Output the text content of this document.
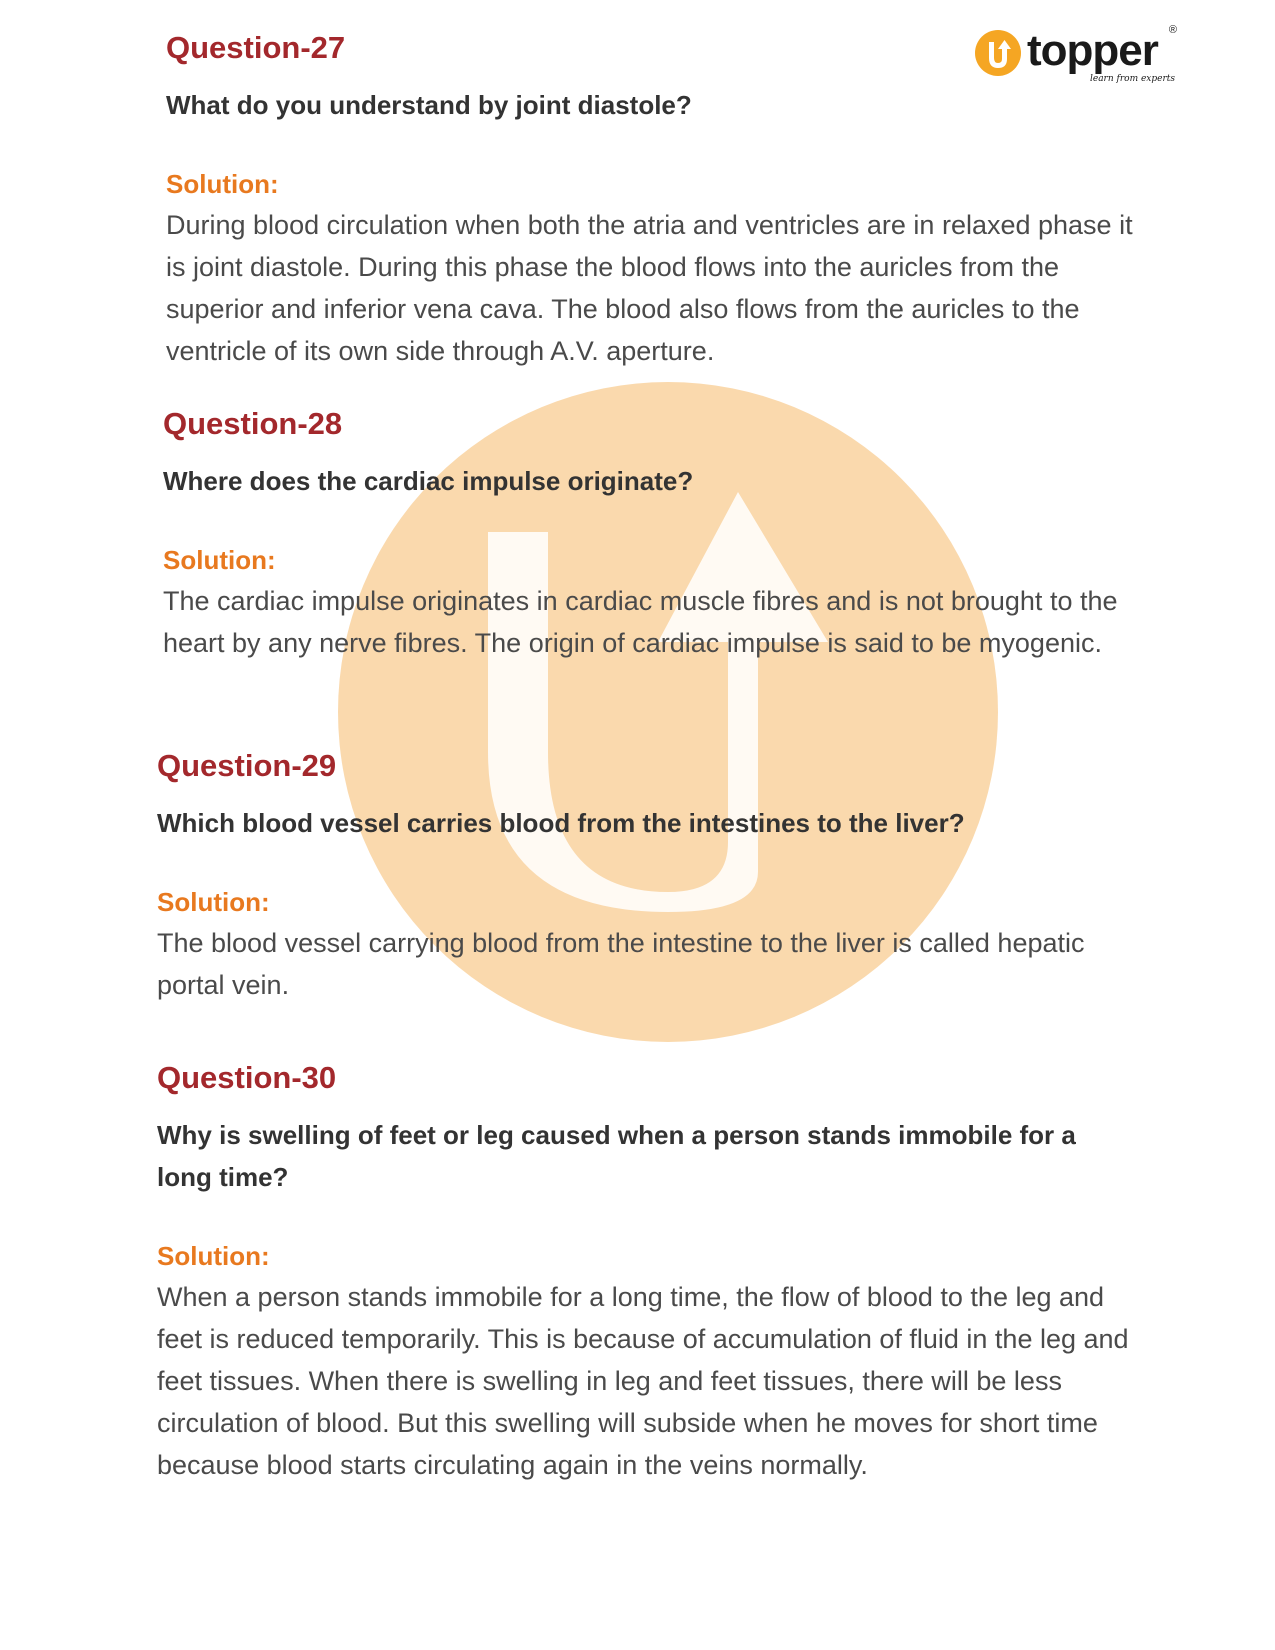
topper ®
learn from experts
Question-27

What do you understand by joint diastole?

Solution:

During blood circulation when both the atria and ventricles are in relaxed phase it is joint diastole. During this phase the blood flows into the auricles from the superior and inferior vena cava. The blood also flows from the auricles to the ventricle of its own side through A.V. aperture.

Question-28

Where does the cardiac impulse originate?

Solution:

The cardiac impulse originates in cardiac muscle fibres and is not brought to the heart by any nerve fibres. The origin of cardiac impulse is said to be myogenic.

Question-29

Which blood vessel carries blood from the intestines to the liver?

Solution:

The blood vessel carrying blood from the intestine to the liver is called hepatic portal vein.

Question-30

Why is swelling of feet or leg caused when a person stands immobile for a long time?

Solution:

When a person stands immobile for a long time, the flow of blood to the leg and feet is reduced temporarily. This is because of accumulation of fluid in the leg and feet tissues. When there is swelling in leg and feet tissues, there will be less circulation of blood. But this swelling will subside when he moves for short time because blood starts circulating again in the veins normally.
